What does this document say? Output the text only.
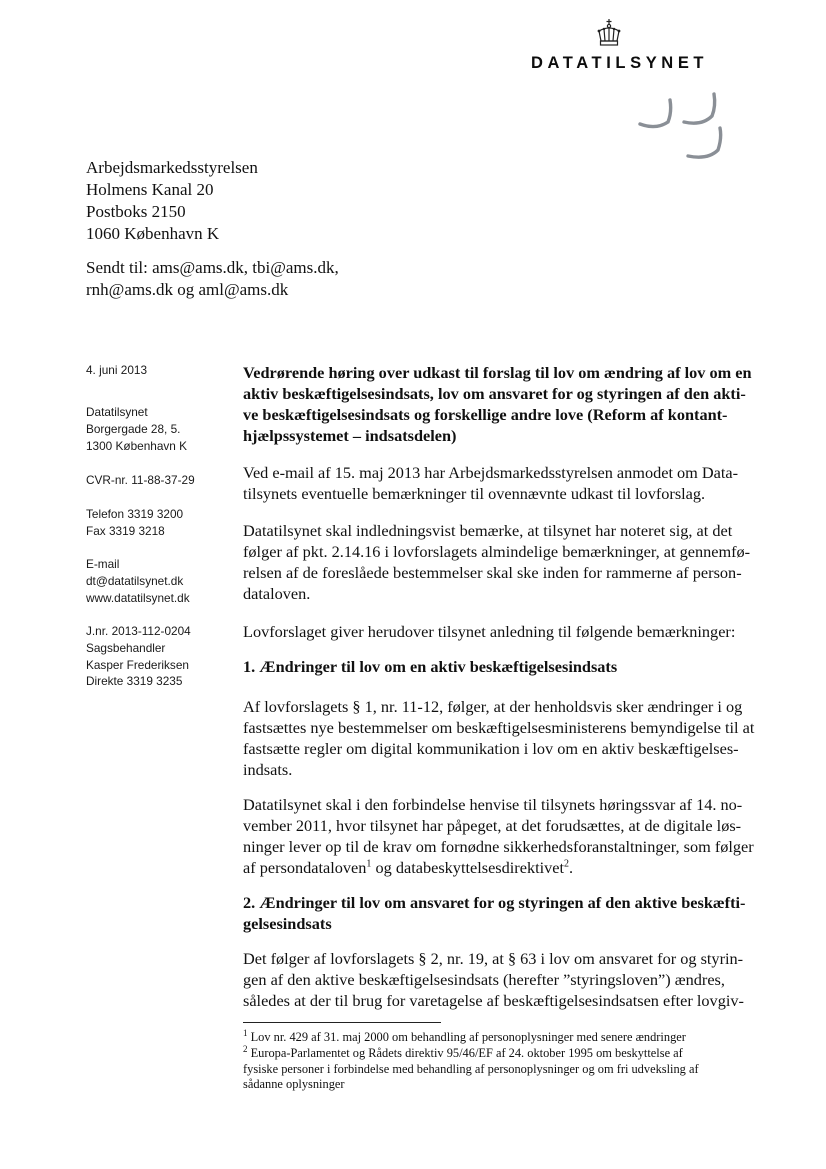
DATATILSYNET
Arbejdsmarkedsstyrelsen
Holmens Kanal 20
Postboks 2150
1060 København K
Sendt til: ams@ams.dk, tbi@ams.dk,
rnh@ams.dk og aml@ams.dk
4. juni 2013
Datatilsynet
Borgergade 28, 5.
1300 København K
CVR-nr. 11-88-37-29
Telefon 3319 3200
Fax 3319 3218
E-mail
dt@datatilsynet.dk
www.datatilsynet.dk
J.nr. 2013-112-0204
Sagsbehandler
Kasper Frederiksen
Direkte 3319 3235
Vedrørende høring over udkast til forslag til lov om ændring af lov om en
aktiv beskæftigelsesindsats, lov om ansvaret for og styringen af den akti-
ve beskæftigelsesindsats og forskellige andre love (Reform af kontant-
hjælpssystemet – indsatsdelen)
Ved e-mail af 15. maj 2013 har Arbejdsmarkedsstyrelsen anmodet om Data-
tilsynets eventuelle bemærkninger til ovennævnte udkast til lovforslag.
Datatilsynet skal indledningsvist bemærke, at tilsynet har noteret sig, at det
følger af pkt. 2.14.16 i lovforslagets almindelige bemærkninger, at gennemfø-
relsen af de foreslåede bestemmelser skal ske inden for rammerne af person-
dataloven.
Lovforslaget giver herudover tilsynet anledning til følgende bemærkninger:
1. Ændringer til lov om en aktiv beskæftigelsesindsats
Af lovforslagets § 1, nr. 11-12, følger, at der henholdsvis sker ændringer i og
fastsættes nye bestemmelser om beskæftigelsesministerens bemyndigelse til at
fastsætte regler om digital kommunikation i lov om en aktiv beskæftigelses-
indsats.
Datatilsynet skal i den forbindelse henvise til tilsynets høringssvar af 14. no-
vember 2011, hvor tilsynet har påpeget, at det forudsættes, at de digitale løs-
ninger lever op til de krav om fornødne sikkerhedsforanstaltninger, som følger
af persondataloven$^1$ og databeskyttelsesdirektivet$^2$.
2. Ændringer til lov om ansvaret for og styringen af den aktive beskæfti-
gelsesindsats
Det følger af lovforslagets § 2, nr. 19, at § 63 i lov om ansvaret for og styrin-
gen af den aktive beskæftigelsesindsats (herefter ”styringsloven”) ændres,
således at der til brug for varetagelse af beskæftigelsesindsatsen efter lovgiv-
$^1$ Lov nr. 429 af 31. maj 2000 om behandling af personoplysninger med senere ændringer
$^2$ Europa-Parlamentet og Rådets direktiv 95/46/EF af 24. oktober 1995 om beskyttelse af
fysiske personer i forbindelse med behandling af personoplysninger og om fri udveksling af
sådanne oplysninger
